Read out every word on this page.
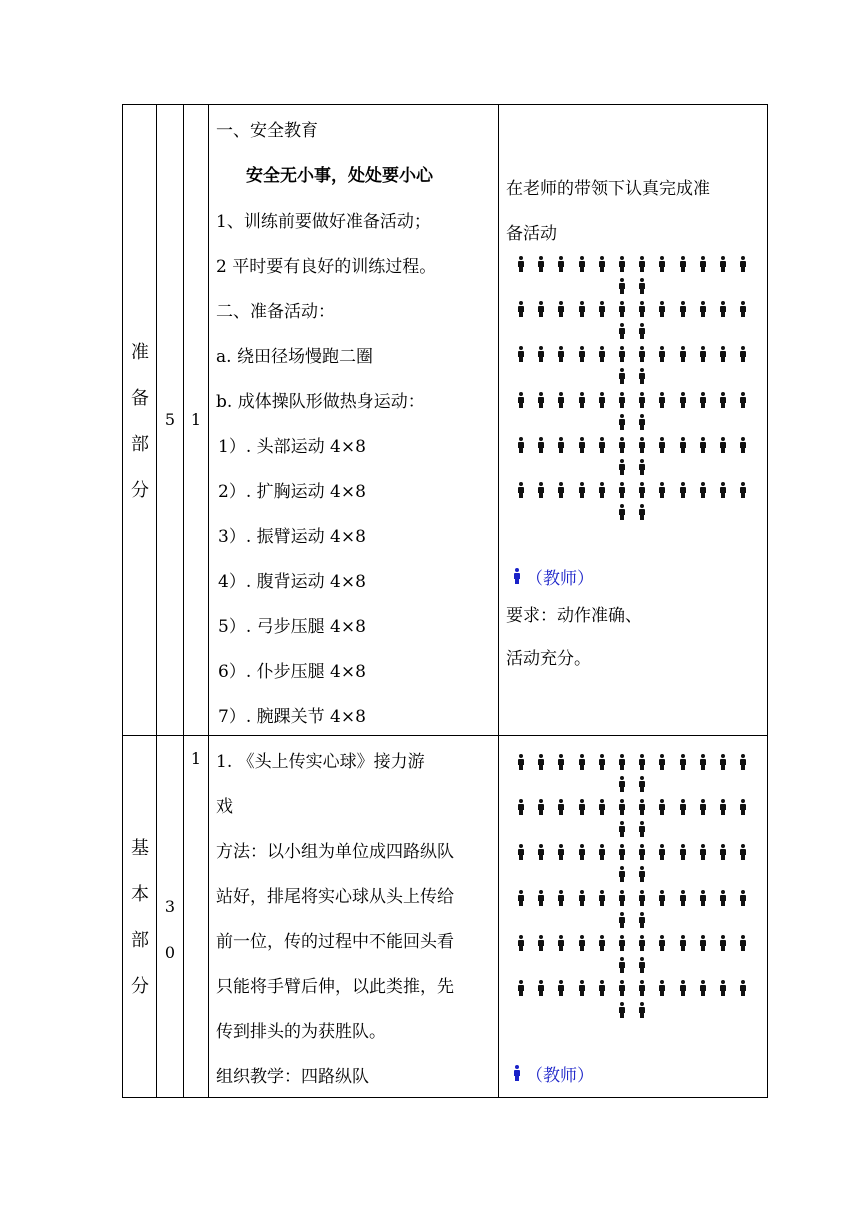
准
备
部
分
5 1
一、安全教育
安全无小事，处处要小心
1、训练前要做好准备活动；
2 平时要有良好的训练过程。
二、准备活动：
a. 绕田径场慢跑二圈
b. 成体操队形做热身运动：
1）. 头部运动 4×8
2）. 扩胸运动 4×8
3）. 振臂运动 4×8
4）. 腹背运动 4×8
5）. 弓步压腿 4×8
6）. 仆步压腿 4×8
7）. 腕踝关节 4×8
在老师的带领下认真完成准
备活动
（教师）
要求：动作准确、
活动充分。
基
本
部
分
3
0
1 1. 《头上传实心球》接力游
戏
方法：以小组为单位成四路纵队
站好，排尾将实心球从头上传给
前一位，传的过程中不能回头看
只能将手臂后伸，以此类推，先
传到排头的为获胜队。
组织教学：四路纵队	（教师）
